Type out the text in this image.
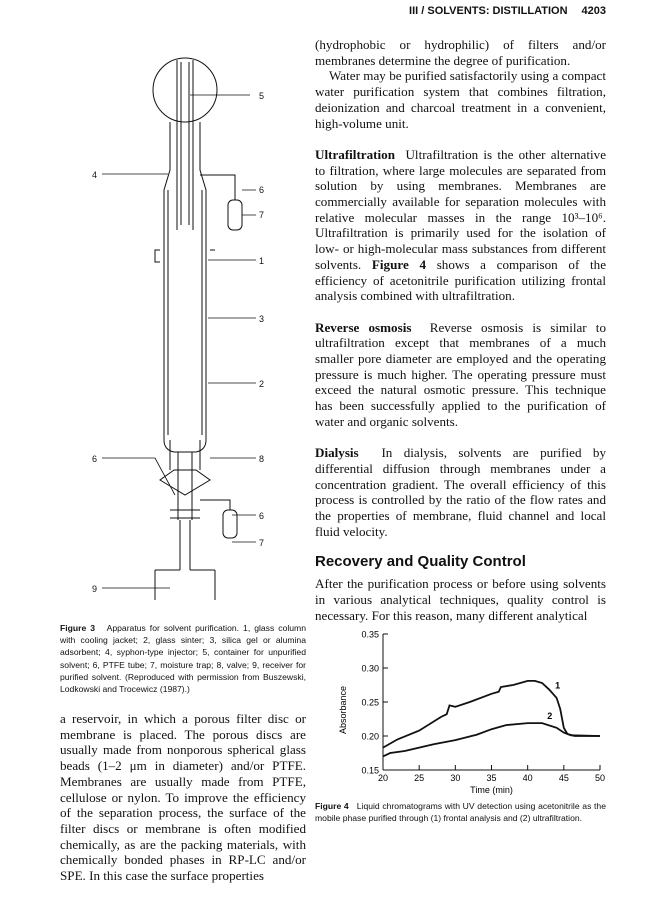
III / SOLVENTS: DISTILLATION 4203
5
4
6
7
1
3
2
6	8
6
7
9
Figure 3 Apparatus for solvent purification. 1, glass column with cooling jacket; 2, glass sinter; 3, silica gel or alumina adsorbent; 4, syphon-type injector; 5, container for unpurified solvent; 6, PTFE tube; 7, moisture trap; 8, valve; 9, receiver for purified solvent. (Reproduced with permission from Buszewski, Lodkowski and Trocewicz (1987).)

a reservoir, in which a porous filter disc or membrane is placed. The porous discs are usually made from nonporous spherical glass beads (1–2 μm in diameter) and/or PTFE. Membranes are usually made from PTFE, cellulose or nylon. To improve the efficiency of the separation process, the surface of the filter discs or membrane is often modified chemically, as are the packing materials, with chemically bonded phases in RP-LC and/or SPE. In this case the surface properties

(hydrophobic or hydrophilic) of filters and/or membranes determine the degree of purification.

Water may be purified satisfactorily using a compact water purification system that combines filtration, deionization and charcoal treatment in a convenient, high-volume unit.

Ultrafiltration Ultrafiltration is the other alternative to filtration, where large molecules are separated from solution by using membranes. Membranes are commercially available for separation molecules with relative molecular masses in the range 10³–10⁶. Ultrafiltration is primarily used for the isolation of low- or high-molecular mass substances from different solvents. Figure 4 shows a comparison of the efficiency of acetonitrile purification utilizing frontal analysis combined with ultrafiltration.

Reverse osmosis Reverse osmosis is similar to ultrafiltration except that membranes of a much smaller pore diameter are employed and the operating pressure is much higher. The operating pressure must exceed the natural osmotic pressure. This technique has been successfully applied to the purification of water and organic solvents.

Dialysis In dialysis, solvents are purified by differential diffusion through membranes under a concentration gradient. The overall efficiency of this process is controlled by the ratio of the flow rates and the properties of membrane, fluid channel and local fluid velocity.

Recovery and Quality Control

After the purification process or before using solvents in various analytical techniques, quality control is necessary. For this reason, many different analytical

0.15
0.20
0.25
0.30
0.35
20	25	30	35	40	45	50
Time (min)
Absorbance
1
2
Figure 4 Liquid chromatograms with UV detection using acetonitrile as the mobile phase purified through (1) frontal analysis and (2) ultrafiltration.
